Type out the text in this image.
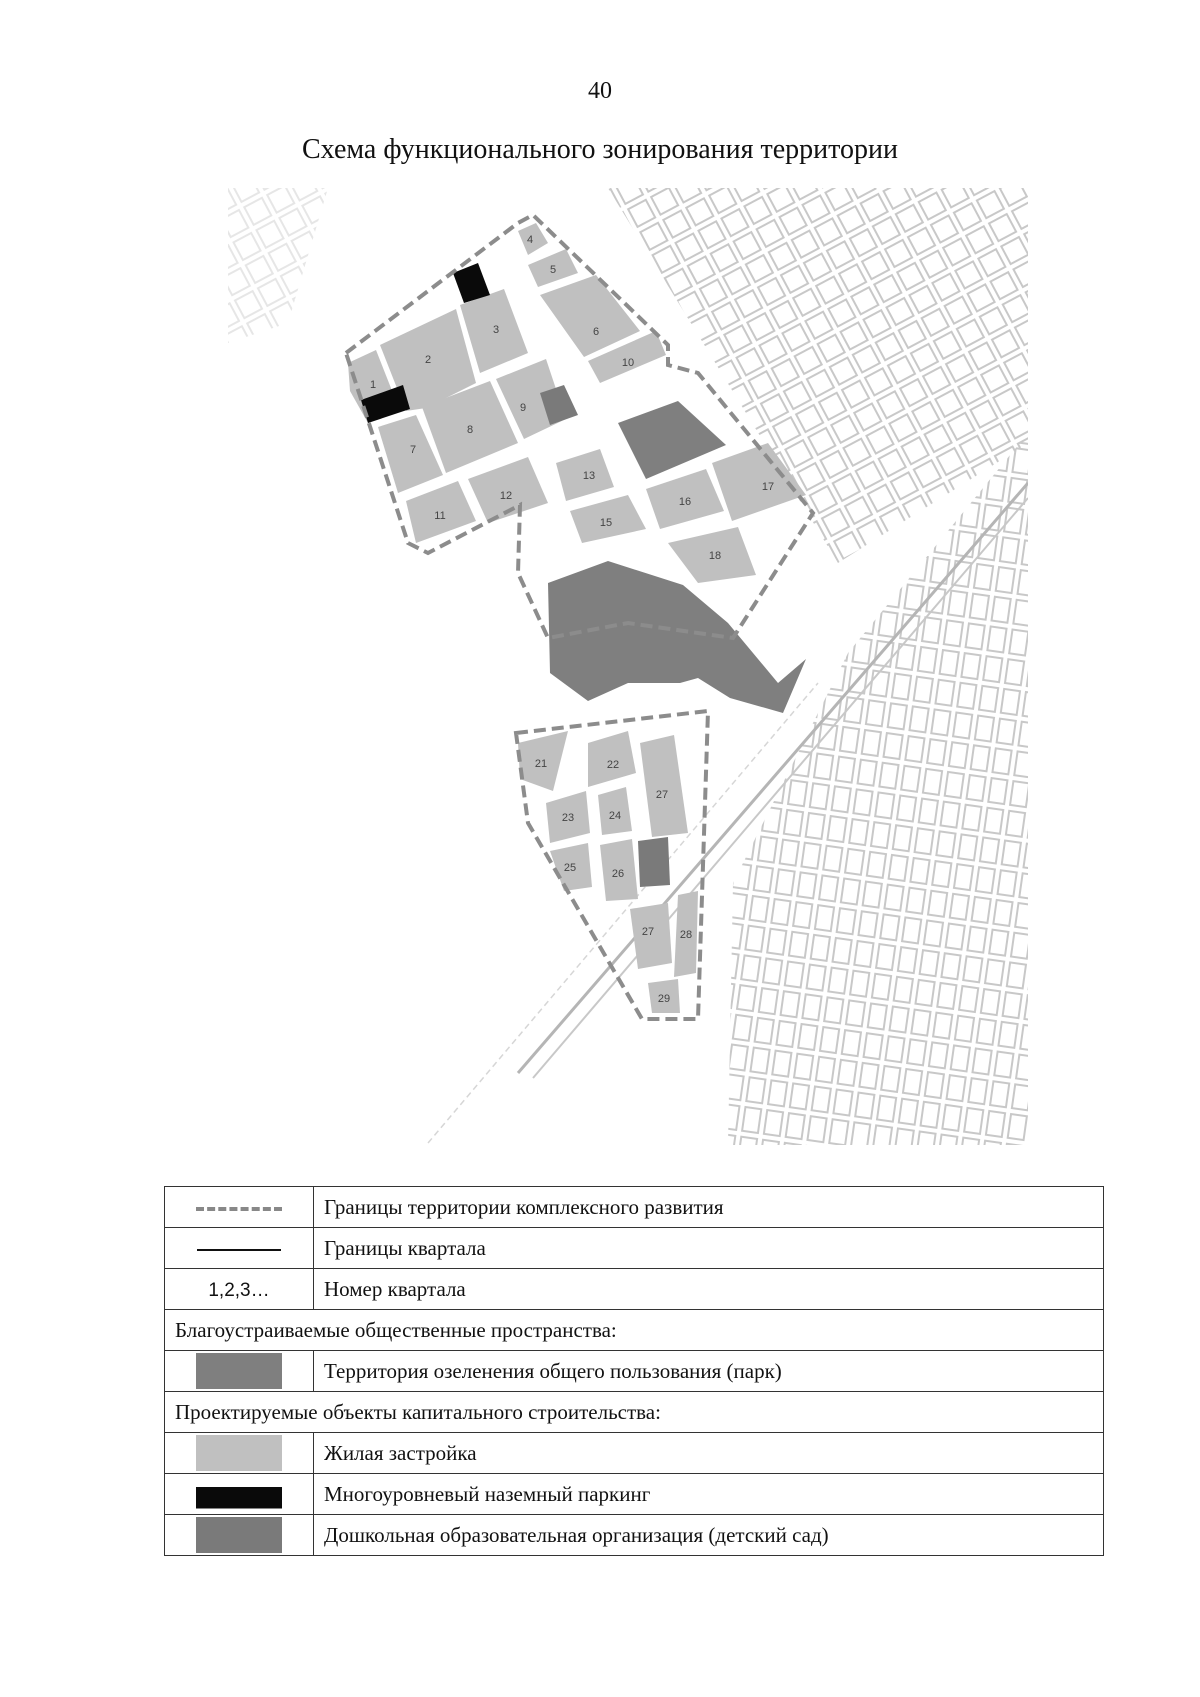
40
Схема функционального зонирования территории
1
2
3
4
5
6
7
8
9
10
11
12
13
15
16
17
18
21	22
23	24
25	26
27
27 28
29
	Границы территории комплексного развития
	Границы квартала
1,2,3…	Номер квартала
Благоустраиваемые общественные пространства:	
	Территория озеленения общего пользования (парк)
Проектируемые объекты капитального строительства:	
	Жилая застройка
	Многоуровневый наземный паркинг
	Дошкольная образовательная организация (детский сад)
